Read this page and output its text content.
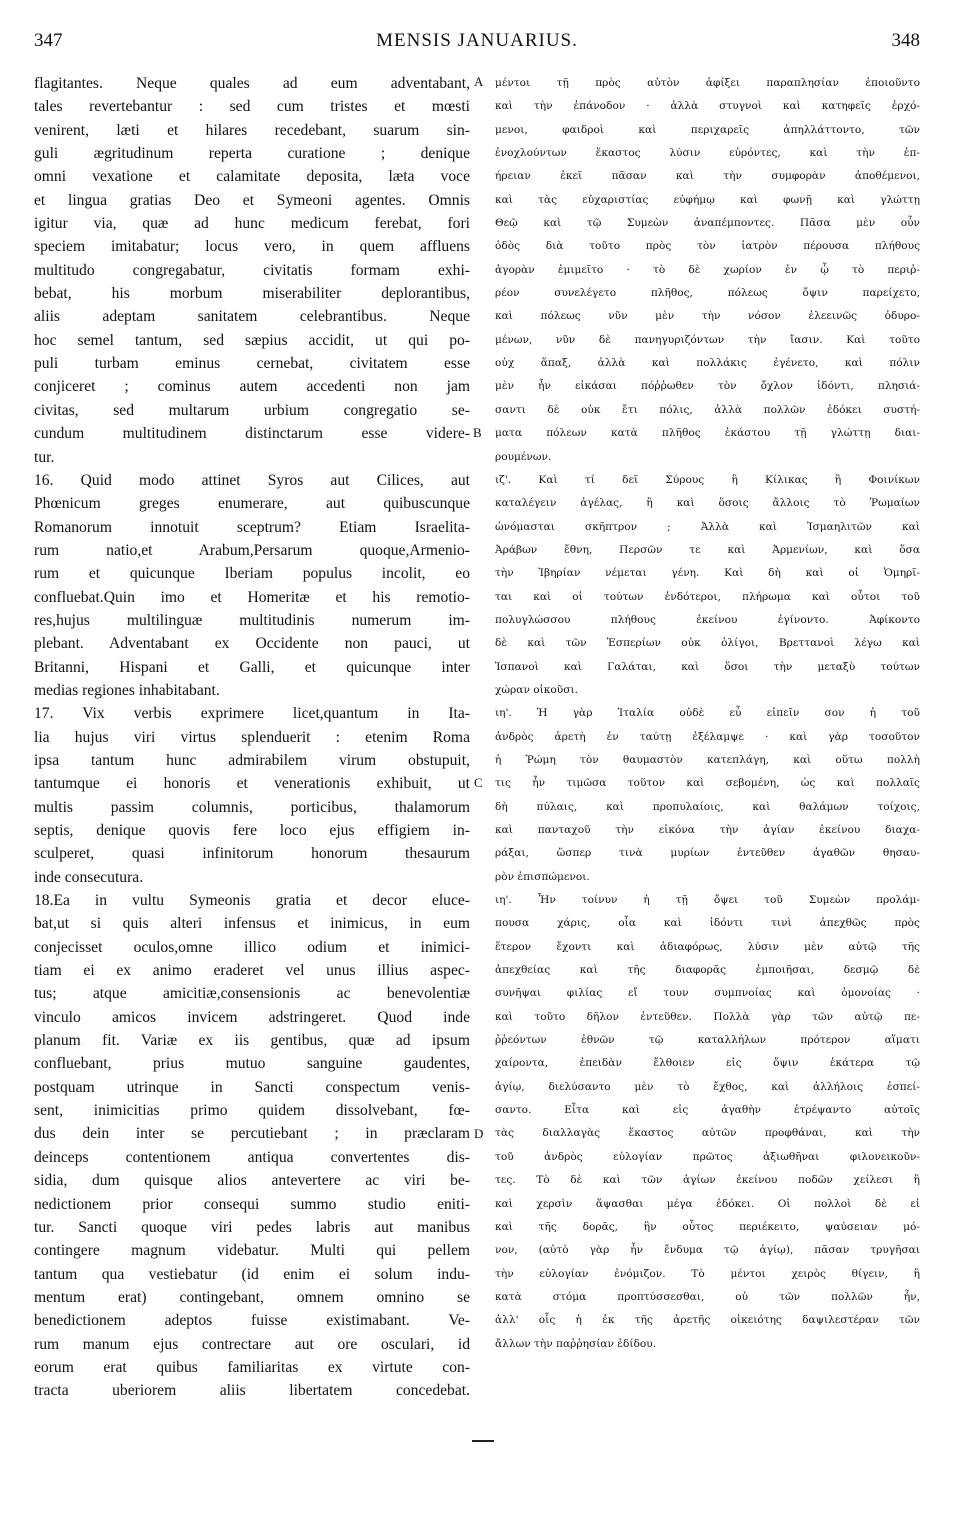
347	MENSIS JANUARIUS.	348
flagitantes. Neque quales ad eum adventabant,
tales revertebantur : sed cum tristes et mœsti
venirent, læti et hilares recedebant, suarum sin-
guli ægritudinum reperta curatione ; denique
omni vexatione et calamitate deposita, læta voce
et lingua gratias Deo et Symeoni agentes. Omnis
igitur via, quæ ad hunc medicum ferebat, fori
speciem imitabatur; locus vero, in quem affluens
multitudo congregabatur, civitatis formam exhi-
bebat, his morbum miserabiliter deplorantibus,
aliis adeptam sanitatem celebrantibus. Neque
hoc semel tantum, sed sæpius accidit, ut qui po-
puli turbam eminus cernebat, civitatem esse
conjiceret ; cominus autem accedenti non jam
civitas, sed multarum urbium congregatio se-
cundum multitudinem distinctarum esse videre-
tur.
16. Quid modo attinet Syros aut Cilices, aut
Phœnicum greges enumerare, aut quibuscunque
Romanorum innotuit sceptrum? Etiam Israelita-
rum natio,et Arabum,Persarum quoque,Armenio-
rum et quicunque Iberiam populus incolit, eo
confluebat.Quin imo et Homeritæ et his remotio-
res,hujus multilinguæ multitudinis numerum im-
plebant. Adventabant ex Occidente non pauci, ut
Britanni, Hispani et Galli, et quicunque inter
medias regiones inhabitabant.
17. Vix verbis exprimere licet,quantum in Ita-
lia hujus viri virtus splenduerit : etenim Roma
ipsa tantum hunc admirabilem virum obstupuit,
tantumque ei honoris et venerationis exhibuit, ut
multis passim columnis, porticibus, thalamorum
septis, denique quovis fere loco ejus effigiem in-
sculperet, quasi infinitorum honorum thesaurum
inde consecutura.
18.Ea in vultu Symeonis gratia et decor eluce-
bat,ut si quis alteri infensus et inimicus, in eum
conjecisset oculos,omne illico odium et inimici-
tiam ei ex animo eraderet vel unus illius aspec-
tus; atque amicitiæ,consensionis ac benevolentiæ
vinculo amicos invicem adstringeret. Quod inde
planum fit. Variæ ex iis gentibus, quæ ad ipsum
confluebant, prius mutuo sanguine gaudentes,
postquam utrinque in Sancti conspectum venis-
sent, inimicitias primo quidem dissolvebant, fœ-
dus dein inter se percutiebant ; in præclaram
deinceps contentionem antiqua convertentes dis-
sidia, dum quisque alios antevertere ac viri be-
nedictionem prior consequi summo studio eniti-
tur. Sancti quoque viri pedes labris aut manibus
contingere magnum videbatur. Multi qui pellem
tantum qua vestiebatur (id enim ei solum indu-
mentum erat) contingebant, omnem omnino se
benedictionem adeptos fuisse existimabant. Ve-
rum manum ejus contrectare aut ore osculari, id
eorum erat quibus familiaritas ex virtute con-
tracta uberiorem aliis libertatem concedebat.
μέντοι τῇ πρὸς αὐτὸν ἀφίξει παραπλησίαν ἐποιοῦντο
καὶ τὴν ἐπάνοδον · ἀλλὰ στυγνοὶ καὶ κατηφεῖς ἐρχό-
μενοι, φαιδροὶ καὶ περιχαρεῖς ἀπηλλάττοντο, τῶν
ἐνοχλούντων ἕκαστος λύσιν εὑρόντες, καὶ τὴν ἐπ-
ήρειαν ἐκεῖ πᾶσαν καὶ τὴν συμφορὰν ἀποθέμενοι,
καὶ τὰς εὐχαριστίας εὐφήμῳ καὶ φωνῇ καὶ γλώττῃ
Θεῷ καὶ τῷ Συμεὼν ἀναπέμποντες. Πᾶσα μὲν οὖν
ὁδὸς διὰ τοῦτο πρὸς τὸν ἰατρὸν πέρουσα πλήθους
ἀγορὰν ἐμιμεῖτο · τὸ δὲ χωρίον ἐν ᾧ τὸ περιῤ-
ρέον συνελέγετο πλῆθος, πόλεως ὄψιν παρείχετο,
καὶ πόλεως νῦν μὲν τὴν νόσον ἐλεεινῶς ὀδυρο-
μένων, νῦν δὲ πανηγυριζόντων τὴν ἴασιν. Καὶ τοῦτο
οὐχ ἅπαξ, ἀλλὰ καὶ πολλάκις ἐγένετο, καὶ πόλιν
μὲν ἦν εἰκάσαι πόῤῥωθεν τὸν ὄχλον ἰδόντι, πλησιά-
σαντι δὲ οὐκ ἔτι πόλις, ἀλλὰ πολλῶν ἐδόκει συστή-
ματα πόλεων κατὰ πλῆθος ἑκάστου τῇ γλώττῃ διαι-
ρουμένων.
ιζ'. Καὶ τί δεῖ Σύρους ἢ Κίλικας ἢ Φοινίκων
καταλέγειν ἀγέλας, ἢ καὶ ὅσοις ἄλλοις τὸ Ῥωμαίων
ὠνόμασται σκῆπτρον ; Ἀλλὰ καὶ Ἰσμαηλιτῶν καὶ
Ἀράβων ἔθνη, Περσῶν τε καὶ Ἀρμενίων, καὶ ὅσα
τὴν Ἰβηρίαν νέμεται γένη. Καὶ δὴ καὶ οἱ Ὁμηρῖ-
ται καὶ οἱ τούτων ἐνδότεροι, πλήρωμα καὶ οὗτοι τοῦ
πολυγλώσσου πλήθους ἐκείνου ἐγίνοντο. Ἀφίκοντο
δὲ καὶ τῶν Ἑσπερίων οὐκ ὀλίγοι, Βρεττανοὶ λέγω καὶ
Ἱσπανοὶ καὶ Γαλάται, καὶ ὅσοι τὴν μεταξὺ τούτων
χώραν οἰκοῦσι.
ιη'. Ἡ γὰρ Ἰταλία οὐδὲ εὖ εἰπεῖν σον ἡ τοῦ
ἀνδρὸς ἀρετὴ ἐν ταύτῃ ἐξέλαμψε · καὶ γὰρ τοσοῦτον
ἡ Ῥώμη τὸν θαυμαστὸν κατεπλάγη, καὶ οὕτω πολλὴ
τις ἦν τιμῶσα τοῦτον καὶ σεβομένη, ὡς καὶ πολλαῖς
δὴ πύλαις, καὶ προπυλαίοις, καὶ θαλάμων τοίχοις,
καὶ πανταχοῦ τὴν εἰκόνα τὴν ἁγίαν ἐκείνου διαχα-
ράξαι, ὥσπερ τινὰ μυρίων ἐντεῦθεν ἀγαθῶν θησαυ-
ρὸν ἐπισπώμενοι.
ιη'. Ἦν τοίνυν ἡ τῇ ὄψει τοῦ Συμεὼν προλάμ-
πουσα χάρις, οἷα καὶ ἰδόντι τινὶ ἀπεχθῶς πρὸς
ἕτερον ἔχοντι καὶ ἀδιαφόρως, λύσιν μὲν αὐτῷ τῆς
ἀπεχθείας καὶ τῆς διαφορᾶς ἐμποιῆσαι, δεσμῷ δὲ
συνῆψαι φιλίας εἴ τουν συμπνοίας καὶ ὁμονοίας ·
καὶ τοῦτο δῆλον ἐντεῦθεν. Πολλὰ γὰρ τῶν αὐτῷ πε-
ῤῥεόντων ἐθνῶν τῷ καταλλήλων πρότερον αἵματι
χαίροντα, ἐπειδὰν ἔλθοιεν εἰς ὄψιν ἑκάτερα τῷ
ἁγίῳ, διελύσαντο μὲν τὸ ἔχθος, καὶ ἀλλήλοις ἐσπεί-
σαντο. Εἶτα καὶ εἰς ἀγαθὴν ἐτρέψαντο αὐτοῖς
τὰς διαλλαγὰς ἕκαστος αὐτῶν προφθάναι, καὶ τὴν
τοῦ ἀνδρὸς εὐλογίαν πρῶτος ἀξιωθῆναι φιλονεικοῦν-
τες. Τὸ δὲ καὶ τῶν ἁγίων ἐκείνου ποδῶν χείλεσι ἢ
καὶ χερσὶν ἅψασθαι μέγα ἐδόκει. Οἱ πολλοὶ δὲ εἰ
καὶ τῆς δορᾶς, ἣν οὗτος περιέκειτο, ψαύσειαν μό-
νον, (αὐτὸ γὰρ ἦν ἔνδυμα τῷ ἁγίῳ), πᾶσαν τρυγῆσαι
τὴν εὐλογίαν ἐνόμιζον. Τὸ μέντοι χειρὸς θίγειν, ἢ
κατὰ στόμα προπτύσσεσθαι, οὐ τῶν πολλῶν ἦν,
ἀλλ' οἷς ἡ ἐκ τῆς ἀρετῆς οἰκειότης δαψιλεστέραν τῶν
ἄλλων τὴν παῤῥησίαν ἐδίδου.
A
B
C
D
